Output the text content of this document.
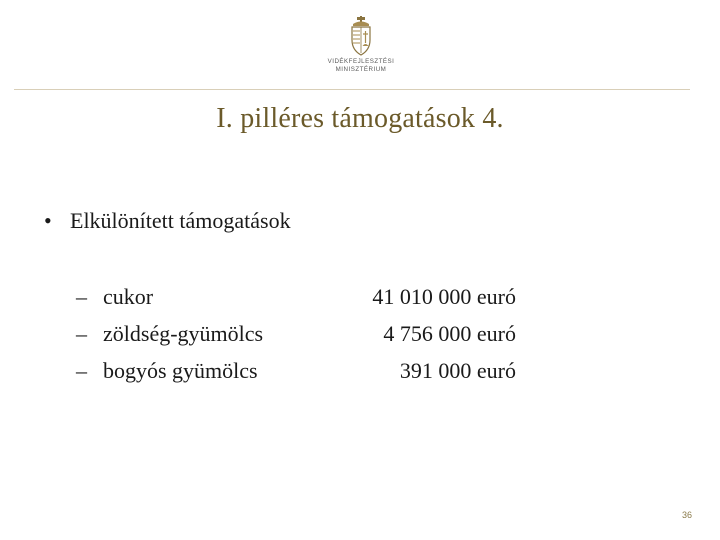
VIDÉKFEJLESZTÉSI
MINISZTÉRIUM
I. pilléres támogatások 4.
• Elkülönített támogatások
– cukor	41 010 000 euró
– zöldség-gyümölcs	4 756 000 euró
– bogyós gyümölcs	391 000 euró
36
